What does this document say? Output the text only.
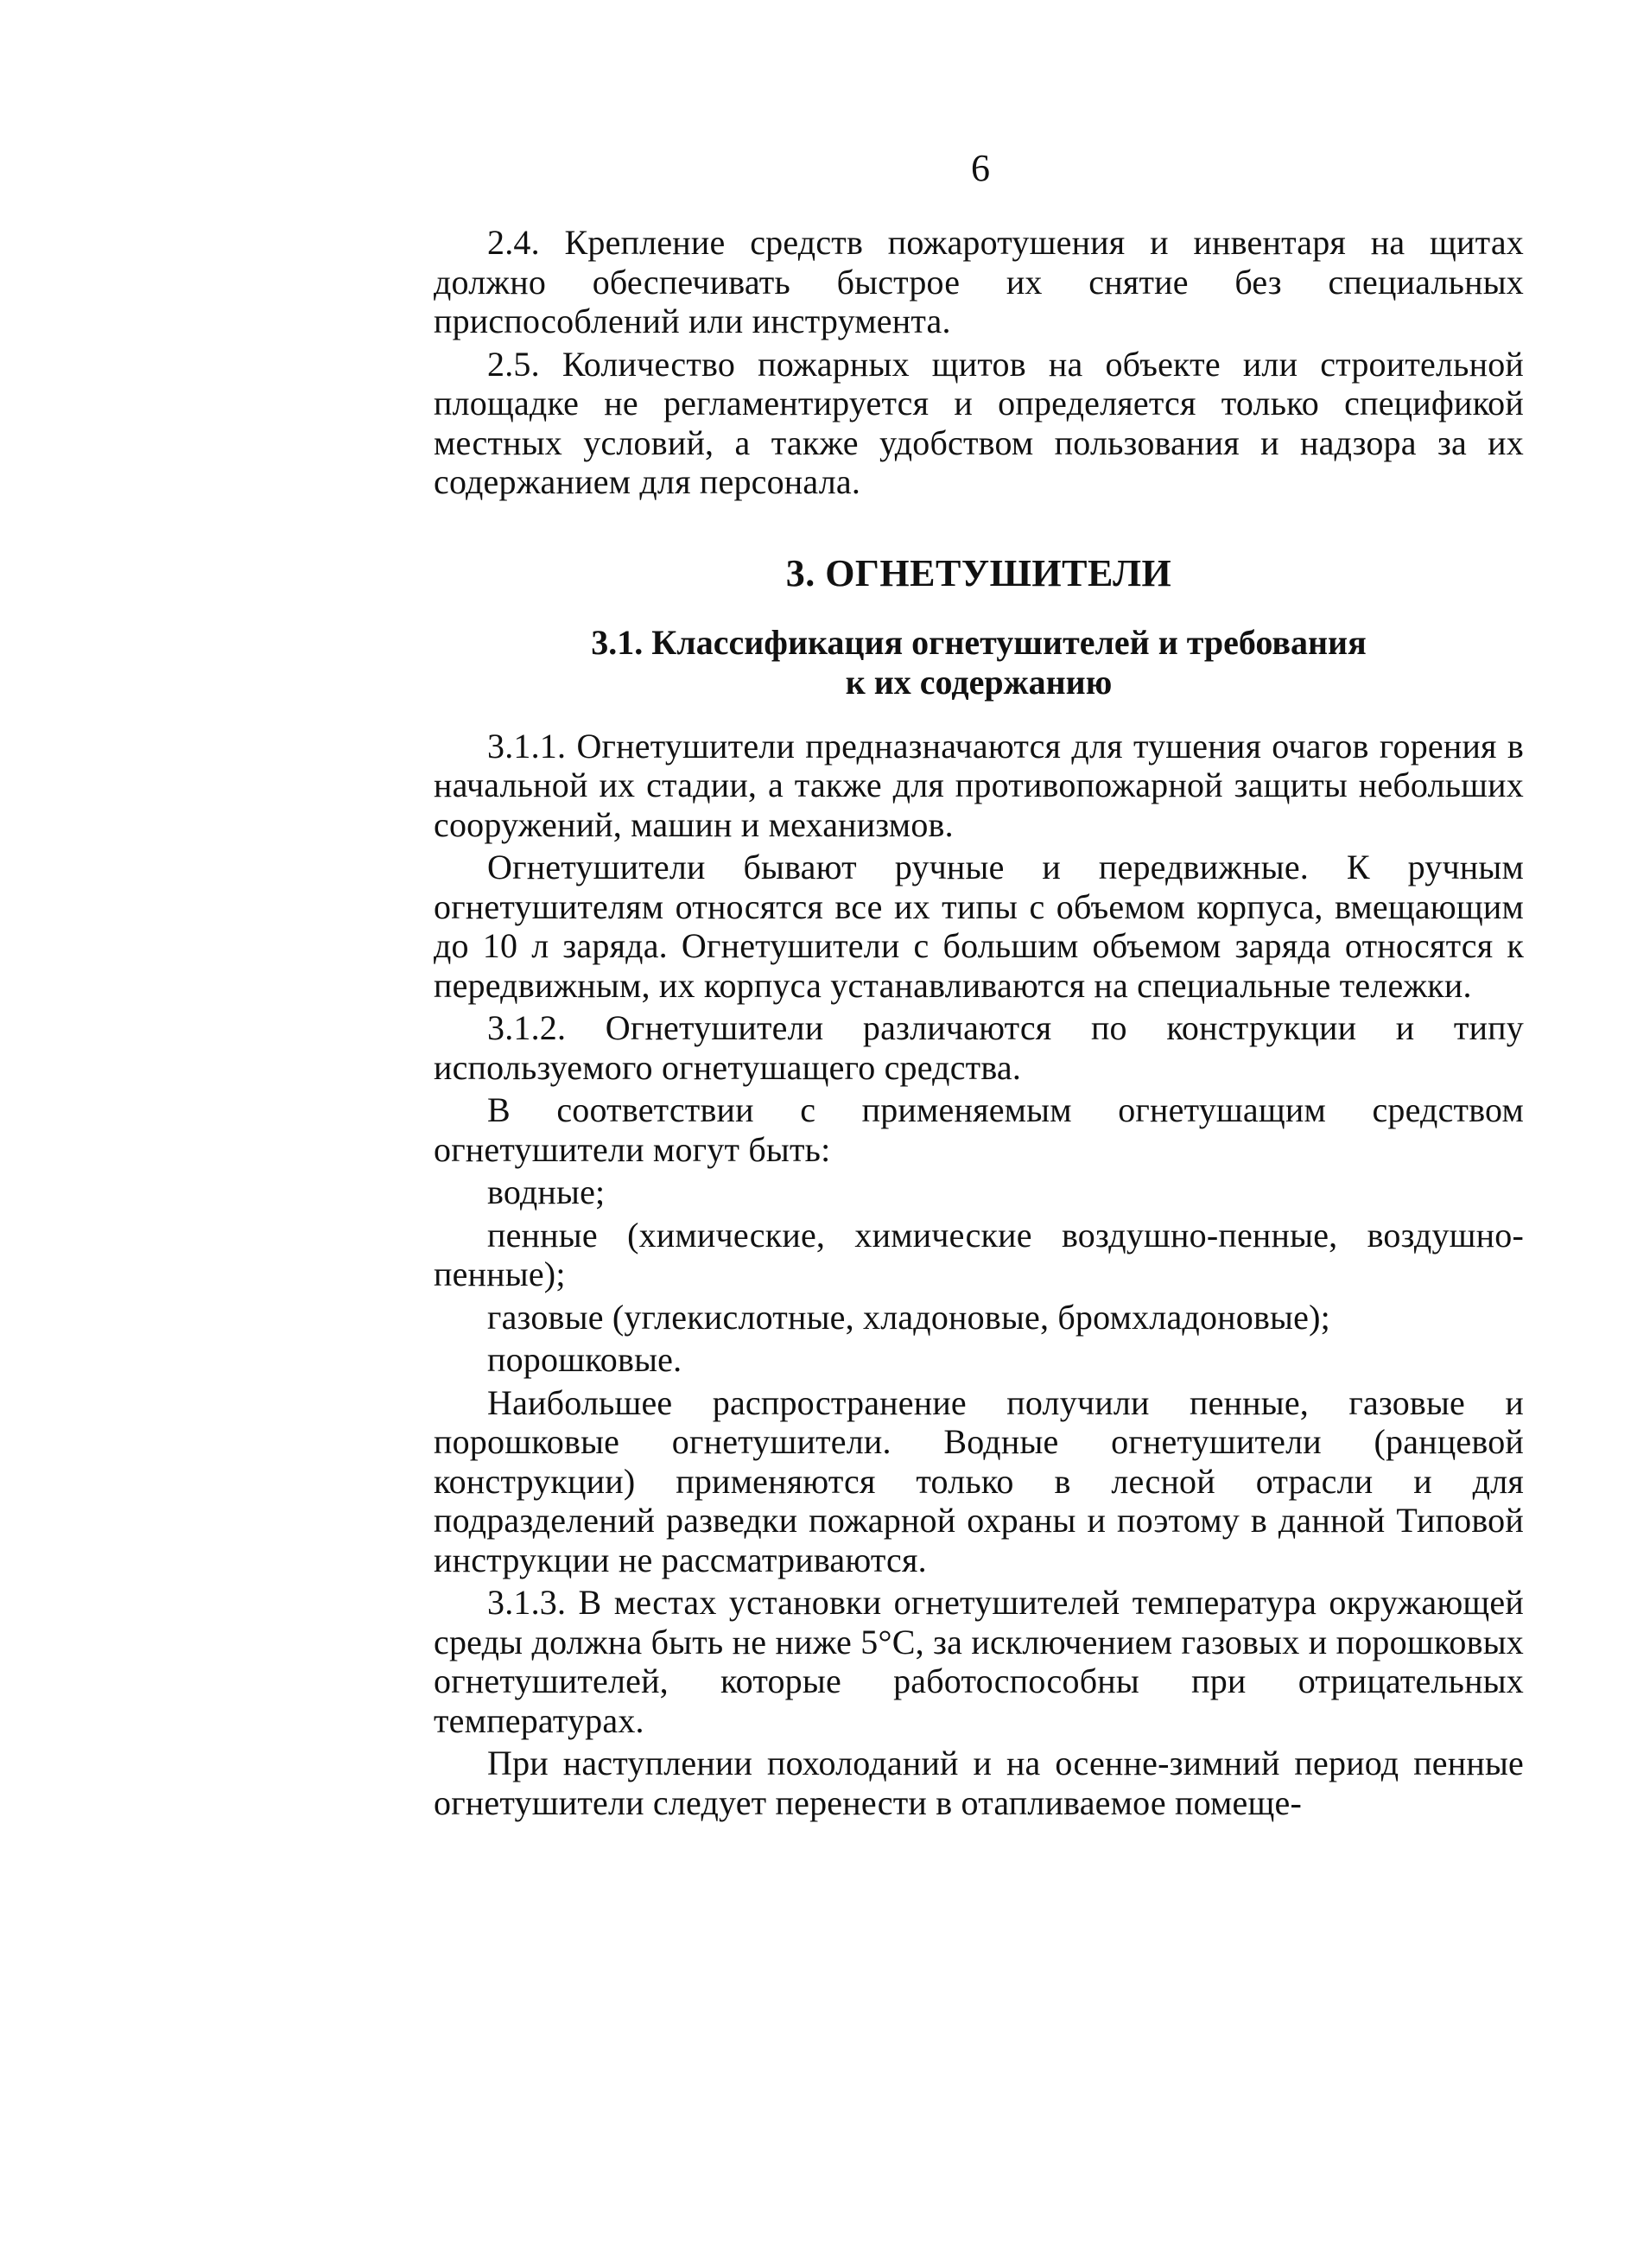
6

2.4. Крепление средств пожаротушения и инвентаря на щитах должно обеспечивать быстрое их снятие без специальных приспособлений или инструмента.

2.5. Количество пожарных щитов на объекте или строительной площадке не регламентируется и определяется только спецификой местных условий, а также удобством пользования и надзора за их содержанием для персонала.

3. ОГНЕТУШИТЕЛИ
3.1. Классификация огнетушителей и требования
к их содержанию

3.1.1. Огнетушители предназначаются для тушения очагов горения в начальной их стадии, а также для противопожарной защиты небольших сооружений, машин и механизмов.

Огнетушители бывают ручные и передвижные. К ручным огнетушителям относятся все их типы с объемом корпуса, вмещающим до 10 л заряда. Огнетушители с большим объемом заряда относятся к передвижным, их корпуса устанавливаются на специальные тележки.

3.1.2. Огнетушители различаются по конструкции и типу используемого огнетушащего средства.

В соответствии с применяемым огнетушащим средством огнетушители могут быть:

водные;

пенные (химические, химические воздушно-пенные, воздушно-пенные);

газовые (углекислотные, хладоновые, бромхладоновые);

порошковые.

Наибольшее распространение получили пенные, газовые и порошковые огнетушители. Водные огнетушители (ранцевой конструкции) применяются только в лесной отрасли и для подразделений разведки пожарной охраны и поэтому в данной Типовой инструкции не рассматриваются.

3.1.3. В местах установки огнетушителей температура окружающей среды должна быть не ниже 5°С, за исключением газовых и порошковых огнетушителей, которые работоспособны при отрицательных температурах.

При наступлении похолоданий и на осенне-зимний период пенные огнетушители следует перенести в отапливаемое помеще-
